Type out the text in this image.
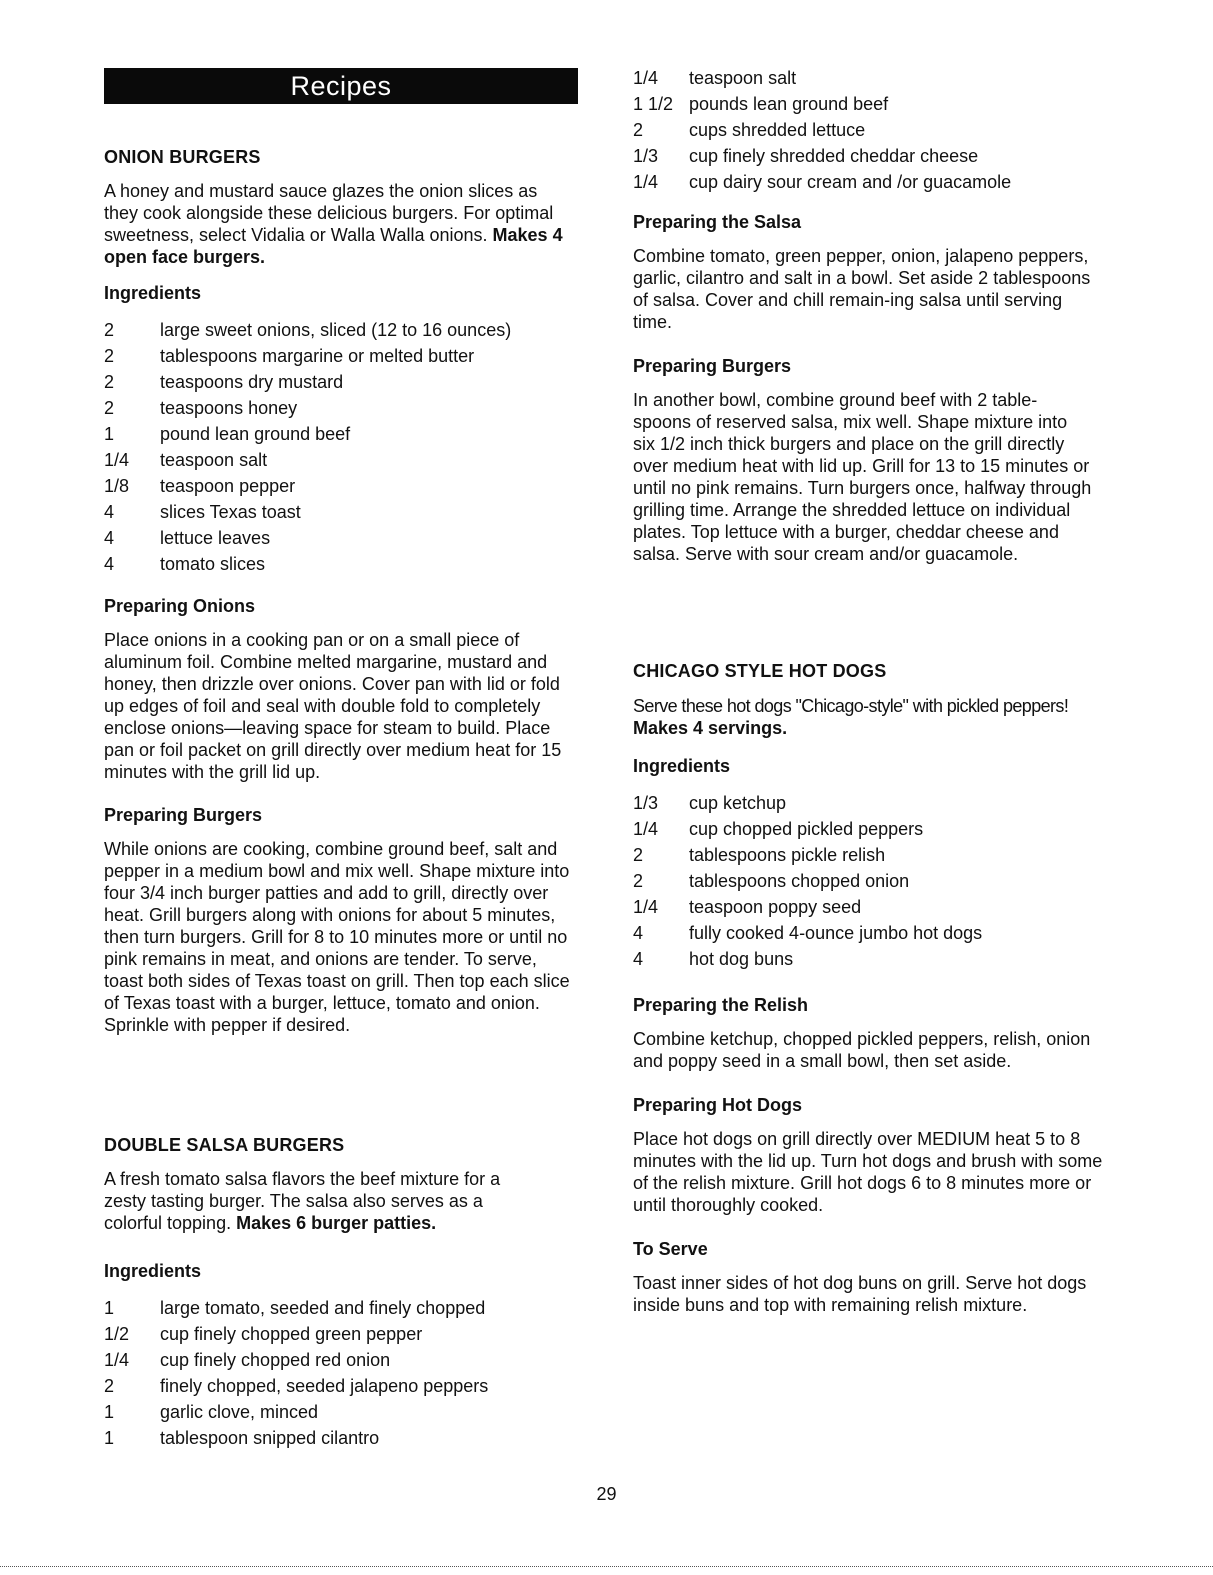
Recipes
ONION BURGERS

A honey and mustard sauce glazes the onion slices as they cook alongside these delicious burgers. For optimal sweetness, select Vidalia or Walla Walla onions. Makes 4 open face burgers.

Ingredients
2	large sweet onions, sliced (12 to 16 ounces)
2	tablespoons margarine or melted butter
2	teaspoons dry mustard
2	teaspoons honey
1	pound lean ground beef
1/4	teaspoon salt
1/8	teaspoon pepper
4	slices Texas toast
4	lettuce leaves
4	tomato slices
Preparing Onions

Place onions in a cooking pan or on a small piece of aluminum foil. Combine melted margarine, mustard and honey, then drizzle over onions. Cover pan with lid or fold up edges of foil and seal with double fold to completely enclose onions—leaving space for steam to build. Place pan or foil packet on grill directly over medium heat for 15 minutes with the grill lid up.

Preparing Burgers

While onions are cooking, combine ground beef, salt and pepper in a medium bowl and mix well. Shape mixture into four 3/4 inch burger patties and add to grill, directly over heat. Grill burgers along with onions for about 5 minutes, then turn burgers. Grill for 8 to 10 minutes more or until no pink remains in meat, and onions are tender. To serve, toast both sides of Texas toast on grill. Then top each slice of Texas toast with a burger, lettuce, tomato and onion. Sprinkle with pepper if desired.

DOUBLE SALSA BURGERS

A fresh tomato salsa flavors the beef mixture for a zesty tasting burger. The salsa also serves as a colorful topping. Makes 6 burger patties.

Ingredients
1	large tomato, seeded and finely chopped
1/2	cup finely chopped green pepper
1/4	cup finely chopped red onion
2	finely chopped, seeded jalapeno peppers
1	garlic clove, minced
1	tablespoon snipped cilantro
1/4	teaspoon salt
1 1/2 pounds lean ground beef
2	cups shredded lettuce
1/3	cup finely shredded cheddar cheese
1/4	cup dairy sour cream and /or guacamole
Preparing the Salsa

Combine tomato, green pepper, onion, jalapeno peppers, garlic, cilantro and salt in a bowl. Set aside 2 tablespoons of salsa. Cover and chill remain-ing salsa until serving time.

Preparing Burgers

In another bowl, combine ground beef with 2 table-spoons of reserved salsa, mix well. Shape mixture into six 1/2 inch thick burgers and place on the grill directly over medium heat with lid up. Grill for 13 to 15 minutes or until no pink remains. Turn burgers once, halfway through grilling time. Arrange the shredded lettuce on individual plates. Top lettuce with a burger, cheddar cheese and salsa. Serve with sour cream and/or guacamole.

CHICAGO STYLE HOT DOGS

Serve these hot dogs "Chicago-style" with pickled peppers!
Makes 4 servings.

Ingredients
1/3	cup ketchup
1/4	cup chopped pickled peppers
2	tablespoons pickle relish
2	tablespoons chopped onion
1/4	teaspoon poppy seed
4	fully cooked 4-ounce jumbo hot dogs
4	hot dog buns
Preparing the Relish

Combine ketchup, chopped pickled peppers, relish, onion and poppy seed in a small bowl, then set aside.

Preparing Hot Dogs

Place hot dogs on grill directly over MEDIUM heat 5 to 8 minutes with the lid up. Turn hot dogs and brush with some of the relish mixture. Grill hot dogs 6 to 8 minutes more or until thoroughly cooked.

To Serve

Toast inner sides of hot dog buns on grill. Serve hot dogs inside buns and top with remaining relish mixture.

29
